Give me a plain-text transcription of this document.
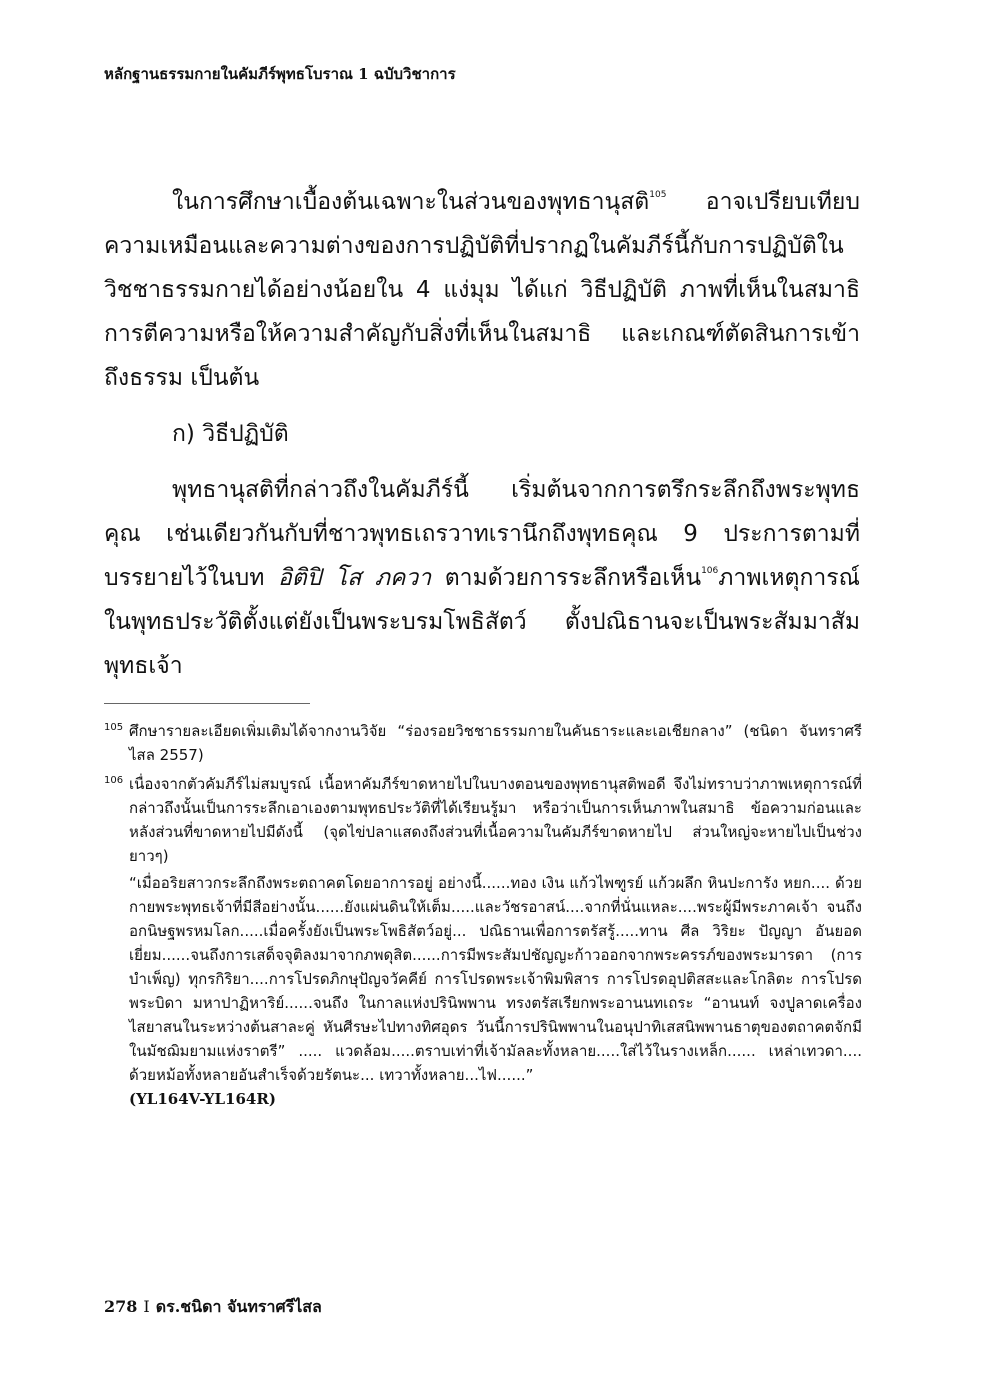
หลักฐานธรรมกายในคัมภีร์พุทธโบราณ 1 ฉบับวิชาการ

ในการศึกษาเบื้องต้นเฉพาะในส่วนของพุทธานุสติ$^{105}$ อาจเปรียบเทียบความเหมือนและความต่างของการปฏิบัติที่ปรากฏในคัมภีร์นี้กับการปฏิบัติในวิชชาธรรมกายได้อย่างน้อยใน 4 แง่มุม ได้แก่ วิธีปฏิบัติ ภาพที่เห็นในสมาธิ การตีความหรือให้ความสำคัญกับสิ่งที่เห็นในสมาธิ และเกณฑ์ตัดสินการเข้าถึงธรรม เป็นต้น

ก) วิธีปฏิบัติ

พุทธานุสติที่กล่าวถึงในคัมภีร์นี้ เริ่มต้นจากการตรึกระลึกถึงพระพุทธคุณ เช่นเดียวกันกับที่ชาวพุทธเถรวาทเรานึกถึงพุทธคุณ 9 ประการตามที่บรรยายไว้ในบท อิติปิ โส ภควา ตามด้วยการระลึกหรือเห็น$^{106}$ภาพเหตุการณ์ในพุทธประวัติตั้งแต่ยังเป็นพระบรมโพธิสัตว์ ตั้งปณิธานจะเป็นพระสัมมาสัมพุทธเจ้า

105 ศึกษารายละเอียดเพิ่มเติมได้จากงานวิจัย “ร่องรอยวิชชาธรรมกายในคันธาระและเอเชียกลาง” (ชนิดา จันทราศรีไสล 2557)
106 เนื่องจากตัวคัมภีร์ไม่สมบูรณ์ เนื้อหาคัมภีร์ขาดหายไปในบางตอนของพุทธานุสติพอดี จึงไม่ทราบว่าภาพเหตุการณ์ที่กล่าวถึงนั้นเป็นการระลึกเอาเองตามพุทธประวัติที่ได้เรียนรู้มา หรือว่าเป็นการเห็นภาพในสมาธิ ข้อความก่อนและหลังส่วนที่ขาดหายไปมีดังนี้ (จุดไข่ปลาแสดงถึงส่วนที่เนื้อความในคัมภีร์ขาดหายไป ส่วนใหญ่จะหายไปเป็นช่วงยาวๆ)
“เมื่ออริยสาวกระลึกถึงพระตถาคตโดยอาการอยู่ อย่างนี้......ทอง เงิน แก้วไพฑูรย์ แก้วผลึก หินปะการัง หยก.... ด้วยกายพระพุทธเจ้าที่มีสีอย่างนั้น......ยังแผ่นดินให้เต็ม.....และวัชรอาสน์....จากที่นั่นแหละ....พระผู้มีพระภาคเจ้า จนถึงอกนิษฐพรหมโลก.....เมื่อครั้งยังเป็นพระโพธิสัตว์อยู่... ปณิธานเพื่อการตรัสรู้.....ทาน ศีล วิริยะ ปัญญา อันยอดเยี่ยม......จนถึงการเสด็จจุติลงมาจากภพดุสิต......การมีพระสัมปชัญญะก้าวออกจากพระครรภ์ของพระมารดา (การบำเพ็ญ) ทุกรกิริยา....การโปรดภิกษุปัญจวัคคีย์ การโปรดพระเจ้าพิมพิสาร การโปรดอุปติสสะและโกลิตะ การโปรดพระบิดา มหาปาฏิหาริย์......จนถึง ในกาลแห่งปรินิพพาน ทรงตรัสเรียกพระอานนทเถระ “อานนท์ จงปูลาดเครื่องไสยาสนในระหว่างต้นสาละคู่ หันศีรษะไปทางทิศอุดร วันนี้การปรินิพพานในอนุปาทิเสสนิพพานธาตุของตถาคตจักมีในมัชฌิมยามแห่งราตรี” ..... แวดล้อม.....ตราบเท่าที่เจ้ามัลละทั้งหลาย.....ใส่ไว้ในรางเหล็ก...... เหล่าเทวดา.... ด้วยหม้อทั้งหลายอันสำเร็จด้วยรัตนะ... เทวาทั้งหลาย...ไฟ......”
(YL164V-YL164R)
278 I ดร.ชนิดา จันทราศรีไสล
